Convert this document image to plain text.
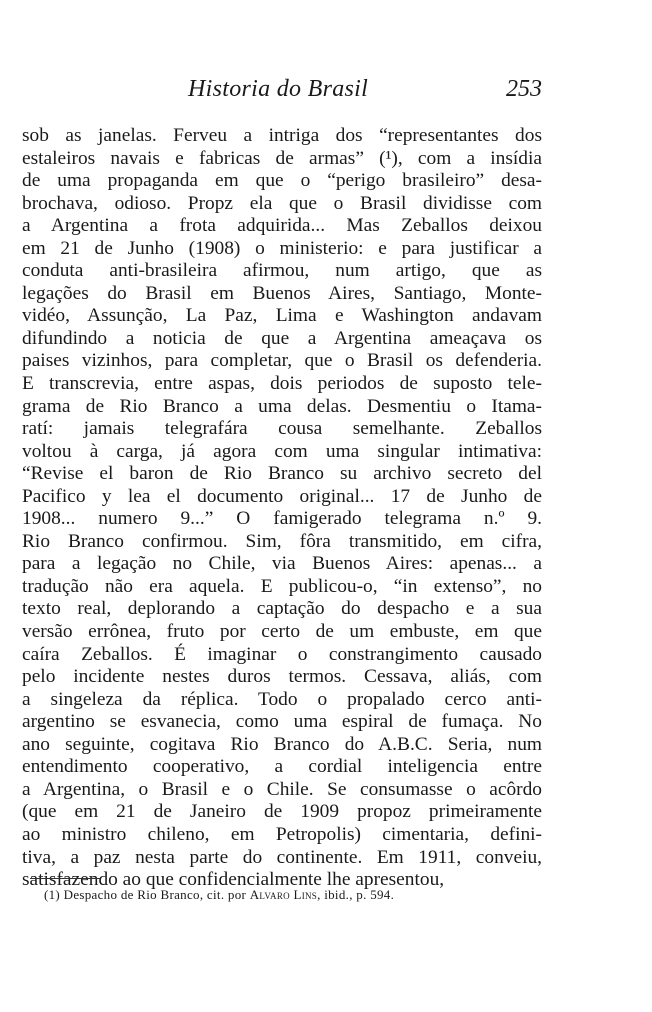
Historia do Brasil	253
sob as janelas. Ferveu a intriga dos “representantes dos
estaleiros navais e fabricas de armas” (¹), com a insídia
de uma propaganda em que o “perigo brasileiro” desa-
brochava, odioso. Propz ela que o Brasil dividisse com
a Argentina a frota adquirida... Mas Zeballos deixou
em 21 de Junho (1908) o ministerio: e para justificar a
conduta anti-brasileira afirmou, num artigo, que as
legações do Brasil em Buenos Aires, Santiago, Monte-
vidéo, Assunção, La Paz, Lima e Washington andavam
difundindo a noticia de que a Argentina ameaçava os
paises vizinhos, para completar, que o Brasil os defenderia.
E transcrevia, entre aspas, dois periodos de suposto tele-
grama de Rio Branco a uma delas. Desmentiu o Itama-
ratí: jamais telegrafára cousa semelhante. Zeballos
voltou à carga, já agora com uma singular intimativa:
“Revise el baron de Rio Branco su archivo secreto del
Pacifico y lea el documento original... 17 de Junho de
1908... numero 9...” O famigerado telegrama n.º 9.
Rio Branco confirmou. Sim, fôra transmitido, em cifra,
para a legação no Chile, via Buenos Aires: apenas... a
tradução não era aquela. E publicou-o, “in extenso”, no
texto real, deplorando a captação do despacho e a sua
versão errônea, fruto por certo de um embuste, em que
caíra Zeballos. É imaginar o constrangimento causado
pelo incidente nestes duros termos. Cessava, aliás, com
a singeleza da réplica. Todo o propalado cerco anti-
argentino se esvanecia, como uma espiral de fumaça. No
ano seguinte, cogitava Rio Branco do A.B.C. Seria, num
entendimento cooperativo, a cordial inteligencia entre
a Argentina, o Brasil e o Chile. Se consumasse o acôrdo
(que em 21 de Janeiro de 1909 propoz primeiramente
ao ministro chileno, em Petropolis) cimentaria, defini-
tiva, a paz nesta parte do continente. Em 1911, conveiu,
satisfazendo ao que confidencialmente lhe apresentou,
(1) Despacho de Rio Branco, cit. por Alvaro Lins, ibid., p. 594.
